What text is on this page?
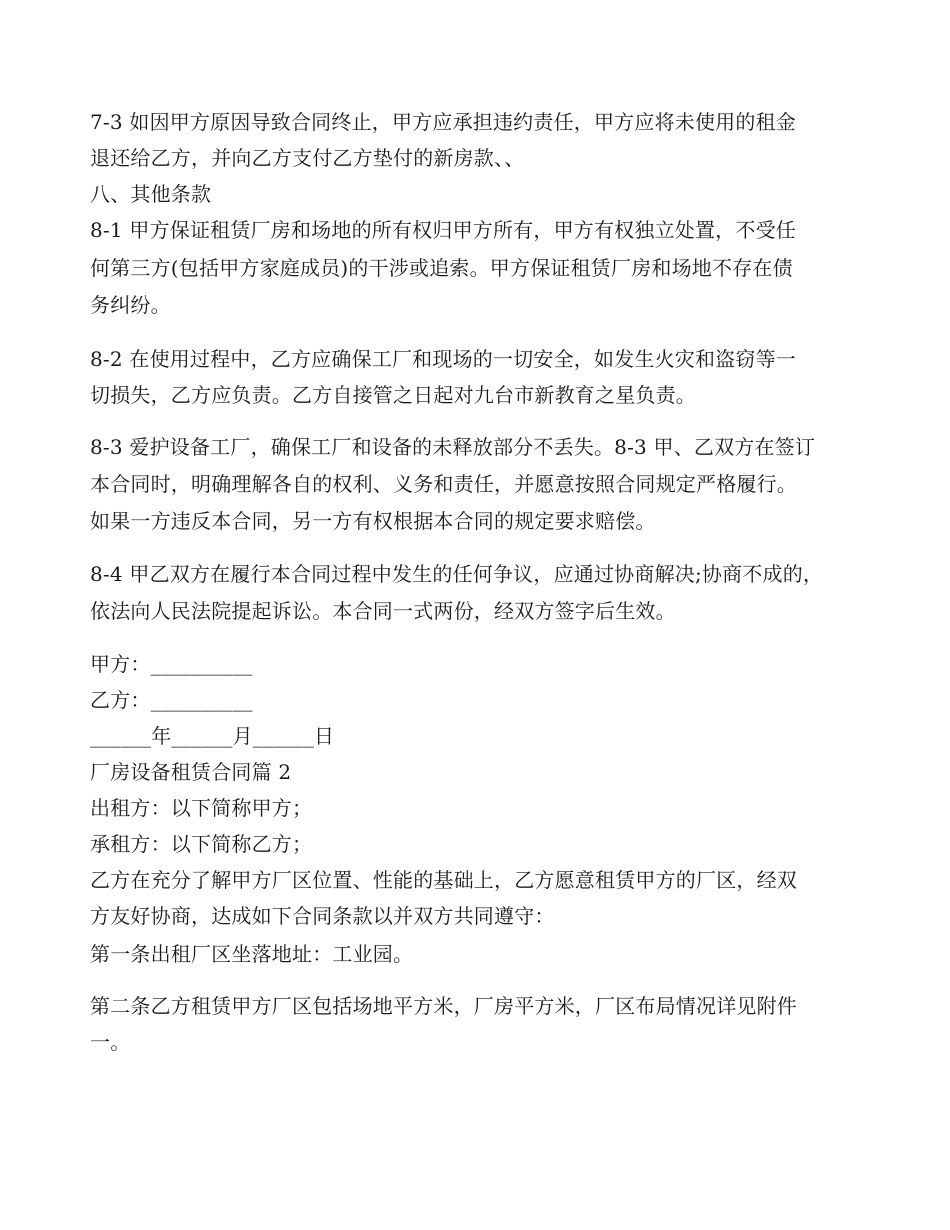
7-3 如因甲方原因导致合同终止，甲方应承担违约责任，甲方应将未使用的租金
退还给乙方，并向乙方支付乙方垫付的新房款、、
八、其他条款
8-1 甲方保证租赁厂房和场地的所有权归甲方所有，甲方有权独立处置，不受任
何第三方(包括甲方家庭成员)的干涉或追索。甲方保证租赁厂房和场地不存在债
务纠纷。
8-2 在使用过程中，乙方应确保工厂和现场的一切安全，如发生火灾和盗窃等一
切损失，乙方应负责。乙方自接管之日起对九台市新教育之星负责。
8-3 爱护设备工厂，确保工厂和设备的未释放部分不丢失。8-3 甲、乙双方在签订
本合同时，明确理解各自的权利、义务和责任，并愿意按照合同规定严格履行。
如果一方违反本合同，另一方有权根据本合同的规定要求赔偿。
8-4 甲乙双方在履行本合同过程中发生的任何争议，应通过协商解决;协商不成的，
依法向人民法院提起诉讼。本合同一式两份，经双方签字后生效。
甲方：__________
乙方：__________
______年______月______日
厂房设备租赁合同篇 2
出租方：以下简称甲方；
承租方：以下简称乙方；
乙方在充分了解甲方厂区位置、性能的基础上，乙方愿意租赁甲方的厂区，经双
方友好协商，达成如下合同条款以并双方共同遵守：
第一条出租厂区坐落地址：工业园。
第二条乙方租赁甲方厂区包括场地平方米，厂房平方米，厂区布局情况详见附件
一。
